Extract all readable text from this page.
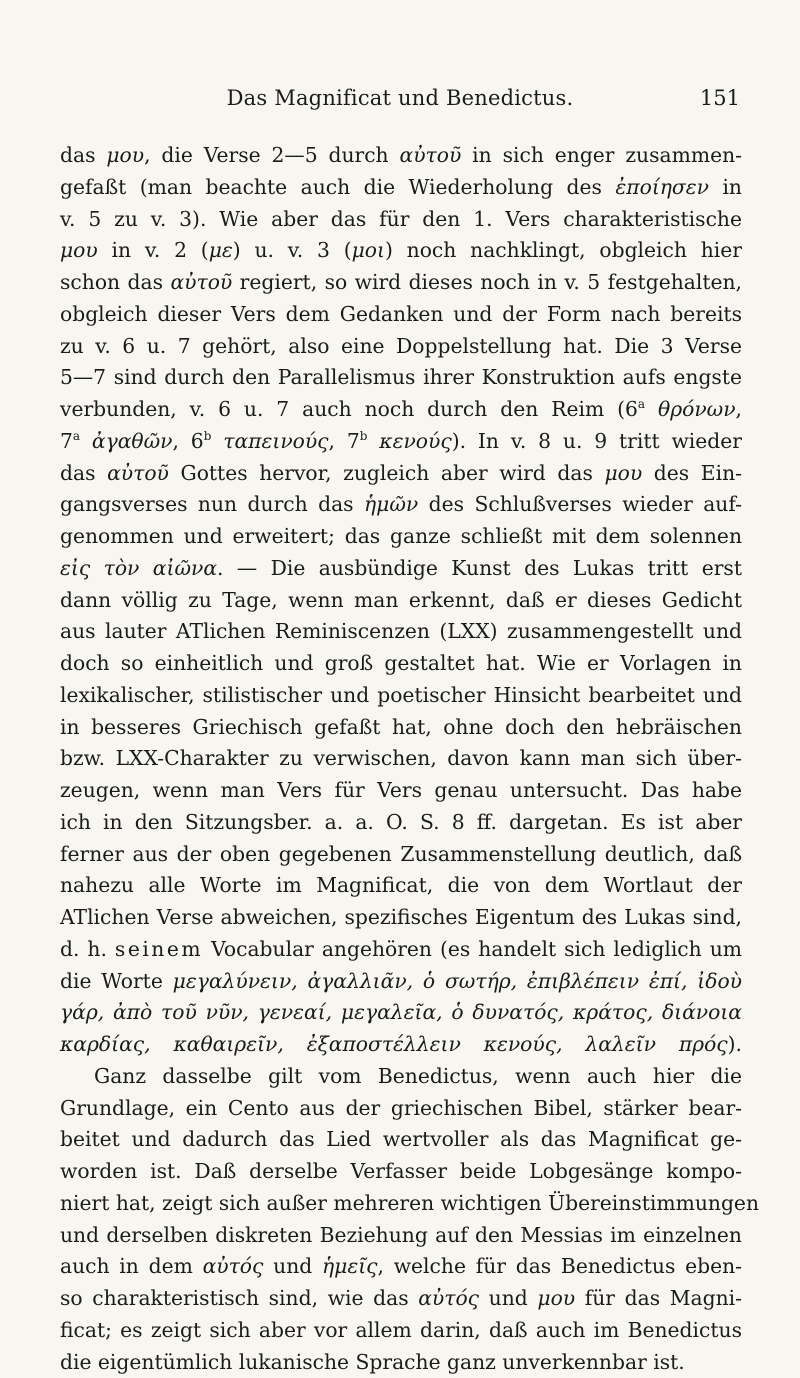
Das Magnificat und Benedictus.	151
das μου, die Verse 2—5 durch αὐτοῦ in sich enger zusammen-
gefaßt (man beachte auch die Wiederholung des ἐποίησεν in
v. 5 zu v. 3). Wie aber das für den 1. Vers charakteristische
μου in v. 2 (με) u. v. 3 (μοι) noch nachklingt, obgleich hier
schon das αὐτοῦ regiert, so wird dieses noch in v. 5 festgehalten,
obgleich dieser Vers dem Gedanken und der Form nach bereits
zu v. 6 u. 7 gehört, also eine Doppelstellung hat. Die 3 Verse
5—7 sind durch den Parallelismus ihrer Konstruktion aufs engste
verbunden, v. 6 u. 7 auch noch durch den Reim (6$^a$ θρόνων,
7$^a$ ἀγαθῶν, 6$^b$ ταπεινούς, 7$^b$ κενούς). In v. 8 u. 9 tritt wieder
das αὐτοῦ Gottes hervor, zugleich aber wird das μου des Ein-
gangsverses nun durch das ἡμῶν des Schlußverses wieder auf-
genommen und erweitert; das ganze schließt mit dem solennen
εἰς τὸν αἰῶνα. — Die ausbündige Kunst des Lukas tritt erst
dann völlig zu Tage, wenn man erkennt, daß er dieses Gedicht
aus lauter ATlichen Reminiscenzen (LXX) zusammengestellt und
doch so einheitlich und groß gestaltet hat. Wie er Vorlagen in
lexikalischer, stilistischer und poetischer Hinsicht bearbeitet und
in besseres Griechisch gefaßt hat, ohne doch den hebräischen
bzw. LXX-Charakter zu verwischen, davon kann man sich über-
zeugen, wenn man Vers für Vers genau untersucht. Das habe
ich in den Sitzungsber. a. a. O. S. 8 ff. dargetan. Es ist aber
ferner aus der oben gegebenen Zusammenstellung deutlich, daß
nahezu alle Worte im Magnificat, die von dem Wortlaut der
ATlichen Verse abweichen, spezifisches Eigentum des Lukas sind,
d. h. seinem Vocabular angehören (es handelt sich lediglich um
die Worte μεγαλύνειν, ἀγαλλιᾶν, ὁ σωτήρ, ἐπιβλέπειν ἐπί, ἰδοὺ
γάρ, ἀπὸ τοῦ νῦν, γενεαί, μεγαλεῖα, ὁ δυνατός, κράτος, διάνοια
καρδίας, καθαιρεῖν, ἐξαποστέλλειν κενούς, λαλεῖν πρός).
Ganz dasselbe gilt vom Benedictus, wenn auch hier die
Grundlage, ein Cento aus der griechischen Bibel, stärker bear-
beitet und dadurch das Lied wertvoller als das Magnificat ge-
worden ist. Daß derselbe Verfasser beide Lobgesänge kompo-
niert hat, zeigt sich außer mehreren wichtigen Übereinstimmungen
und derselben diskreten Beziehung auf den Messias im einzelnen
auch in dem αὐτός und ἡμεῖς, welche für das Benedictus eben-
so charakteristisch sind, wie das αὐτός und μου für das Magni-
ficat; es zeigt sich aber vor allem darin, daß auch im Benedictus
die eigentümlich lukanische Sprache ganz unverkennbar ist.
